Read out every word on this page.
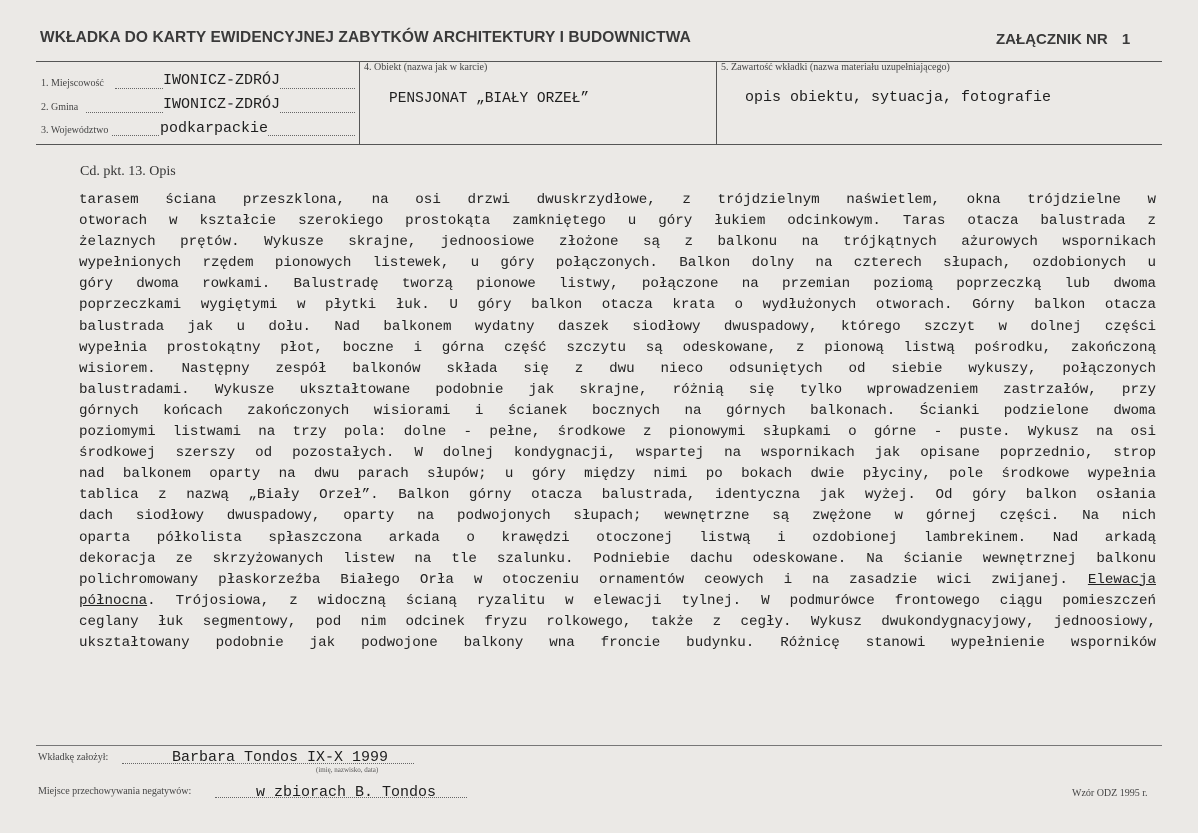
WKŁADKA DO KARTY EWIDENCYJNEJ ZABYTKÓW ARCHITEKTURY I BUDOWNICTWA	ZAŁĄCZNIK NR 1
1. Miejscowość	IWONICZ-ZDRÓJ
2. Gmina	IWONICZ-ZDRÓJ
3. Województwo	podkarpackie
4. Obiekt (nazwa jak w karcie)
PENSJONAT „BIAŁY ORZEŁ”
5. Zawartość wkładki (nazwa materiału uzupełniającego)
opis obiektu, sytuacja, fotografie
Cd. pkt. 13. Opis
tarasem ściana przeszklona, na osi drzwi dwuskrzydłowe, z trójdzielnym naświetlem, okna trójdzielne w
otworach w kształcie szerokiego prostokąta zamkniętego u góry łukiem odcinkowym. Taras otacza balustrada z
żelaznych prętów. Wykusze skrajne, jednoosiowe złożone są z balkonu na trójkątnych ażurowych wspornikach
wypełnionych rzędem pionowych listewek, u góry połączonych. Balkon dolny na czterech słupach, ozdobionych u
góry dwoma rowkami. Balustradę tworzą pionowe listwy, połączone na przemian poziomą poprzeczką lub dwoma
poprzeczkami wygiętymi w płytki łuk. U góry balkon otacza krata o wydłużonych otworach. Górny balkon otacza
balustrada jak u dołu. Nad balkonem wydatny daszek siodłowy dwuspadowy, którego szczyt w dolnej części
wypełnia prostokątny płot, boczne i górna część szczytu są odeskowane, z pionową listwą pośrodku, zakończoną
wisiorem. Następny zespół balkonów składa się z dwu nieco odsuniętych od siebie wykuszy, połączonych
balustradami. Wykusze ukształtowane podobnie jak skrajne, różnią się tylko wprowadzeniem zastrzałów, przy
górnych końcach zakończonych wisiorami i ścianek bocznych na górnych balkonach. Ścianki podzielone dwoma
poziomymi listwami na trzy pola: dolne - pełne, środkowe z pionowymi słupkami o górne - puste. Wykusz na osi
środkowej szerszy od pozostałych. W dolnej kondygnacji, wspartej na wspornikach jak opisane poprzednio, strop
nad balkonem oparty na dwu parach słupów; u góry między nimi po bokach dwie płyciny, pole środkowe wypełnia
tablica z nazwą „Biały Orzeł”. Balkon górny otacza balustrada, identyczna jak wyżej. Od góry balkon osłania
dach siodłowy dwuspadowy, oparty na podwojonych słupach; wewnętrzne są zwężone w górnej części. Na nich
oparta półkolista spłaszczona arkada o krawędzi otoczonej listwą i ozdobionej lambrekinem. Nad arkadą
dekoracja ze skrzyżowanych listew na tle szalunku. Podniebie dachu odeskowane. Na ścianie wewnętrznej balkonu
polichromowany płaskorzeźba Białego Orła w otoczeniu ornamentów ceowych i na zasadzie wici zwijanej. Elewacja
północna. Trójosiowa, z widoczną ścianą ryzalitu w elewacji tylnej. W podmurówce frontowego ciągu pomieszczeń
ceglany łuk segmentowy, pod nim odcinek fryzu rolkowego, także z cegły. Wykusz dwukondygnacyjowy, jednoosiowy,
ukształtowany podobnie jak podwojone balkony wna froncie budynku. Różnicę stanowi wypełnienie wsporników
Wkładkę założył:	Barbara Tondos IX-X 1999
(imię, nazwisko, data)
Miejsce przechowywania negatywów:	w zbiorach B. Tondos	Wzór ODZ 1995 r.
